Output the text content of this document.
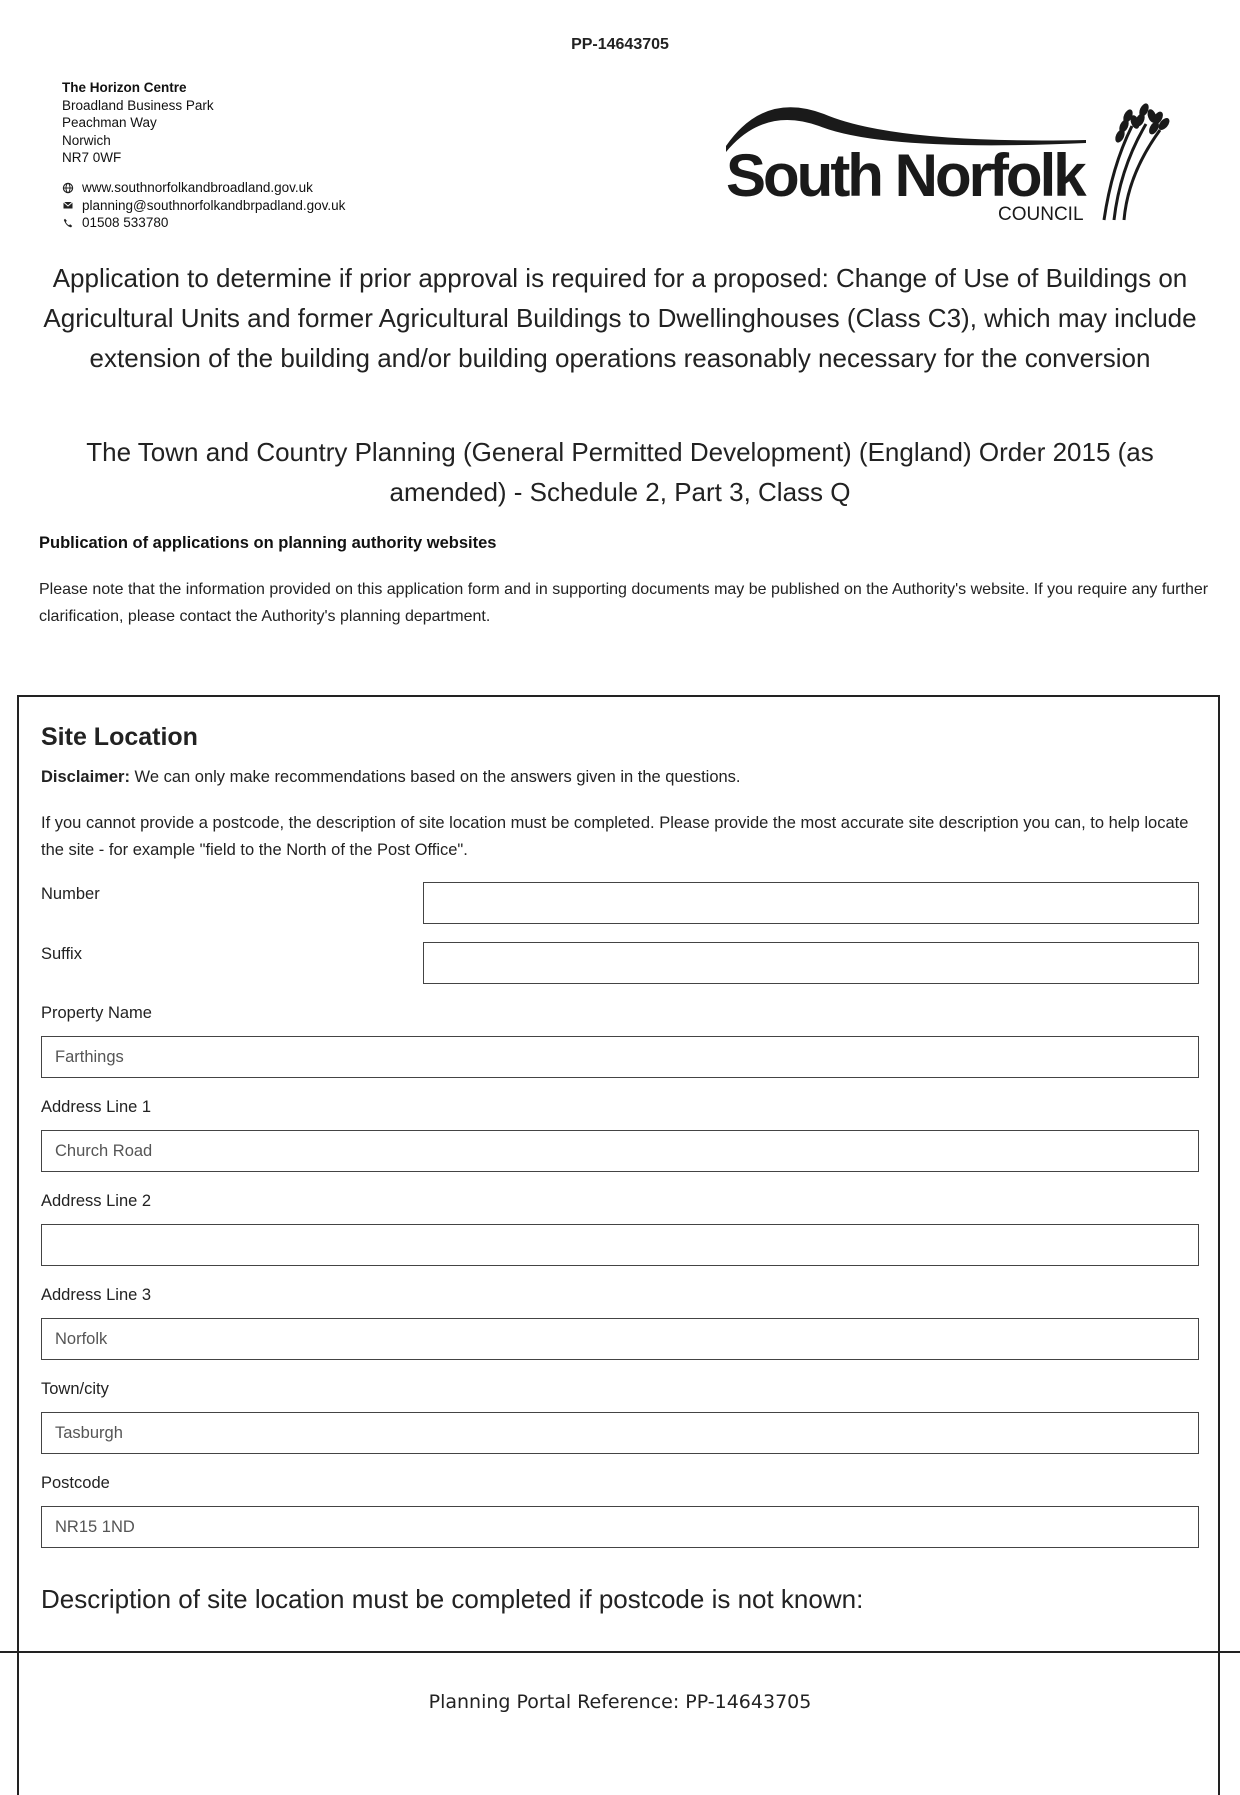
PP-14643705
The Horizon Centre
Broadland Business Park
Peachman Way
Norwich
NR7 0WF
www.southnorfolkandbroadland.gov.uk
planning@southnorfolkandbrpadland.gov.uk
01508 533780
South Norfolk
COUNCIL
Application to determine if prior approval is required for a proposed: Change of Use of Buildings on Agricultural Units and former Agricultural Buildings to Dwellinghouses (Class C3), which may include extension of the building and/or building operations reasonably necessary for the conversion
The Town and Country Planning (General Permitted Development) (England) Order 2015 (as amended) - Schedule 2, Part 3, Class Q
Publication of applications on planning authority websites
Please note that the information provided on this application form and in supporting documents may be published on the Authority's website. If you require any further clarification, please contact the Authority's planning department.
Site Location
Disclaimer: We can only make recommendations based on the answers given in the questions.
If you cannot provide a postcode, the description of site location must be completed. Please provide the most accurate site description you can, to help locate the site - for example "field to the North of the Post Office".
Number
Suffix
Property Name
Farthings
Address Line 1
Church Road
Address Line 2
Address Line 3
Norfolk
Town/city
Tasburgh
Postcode
NR15 1ND
Description of site location must be completed if postcode is not known:
Planning Portal Reference: PP-14643705
